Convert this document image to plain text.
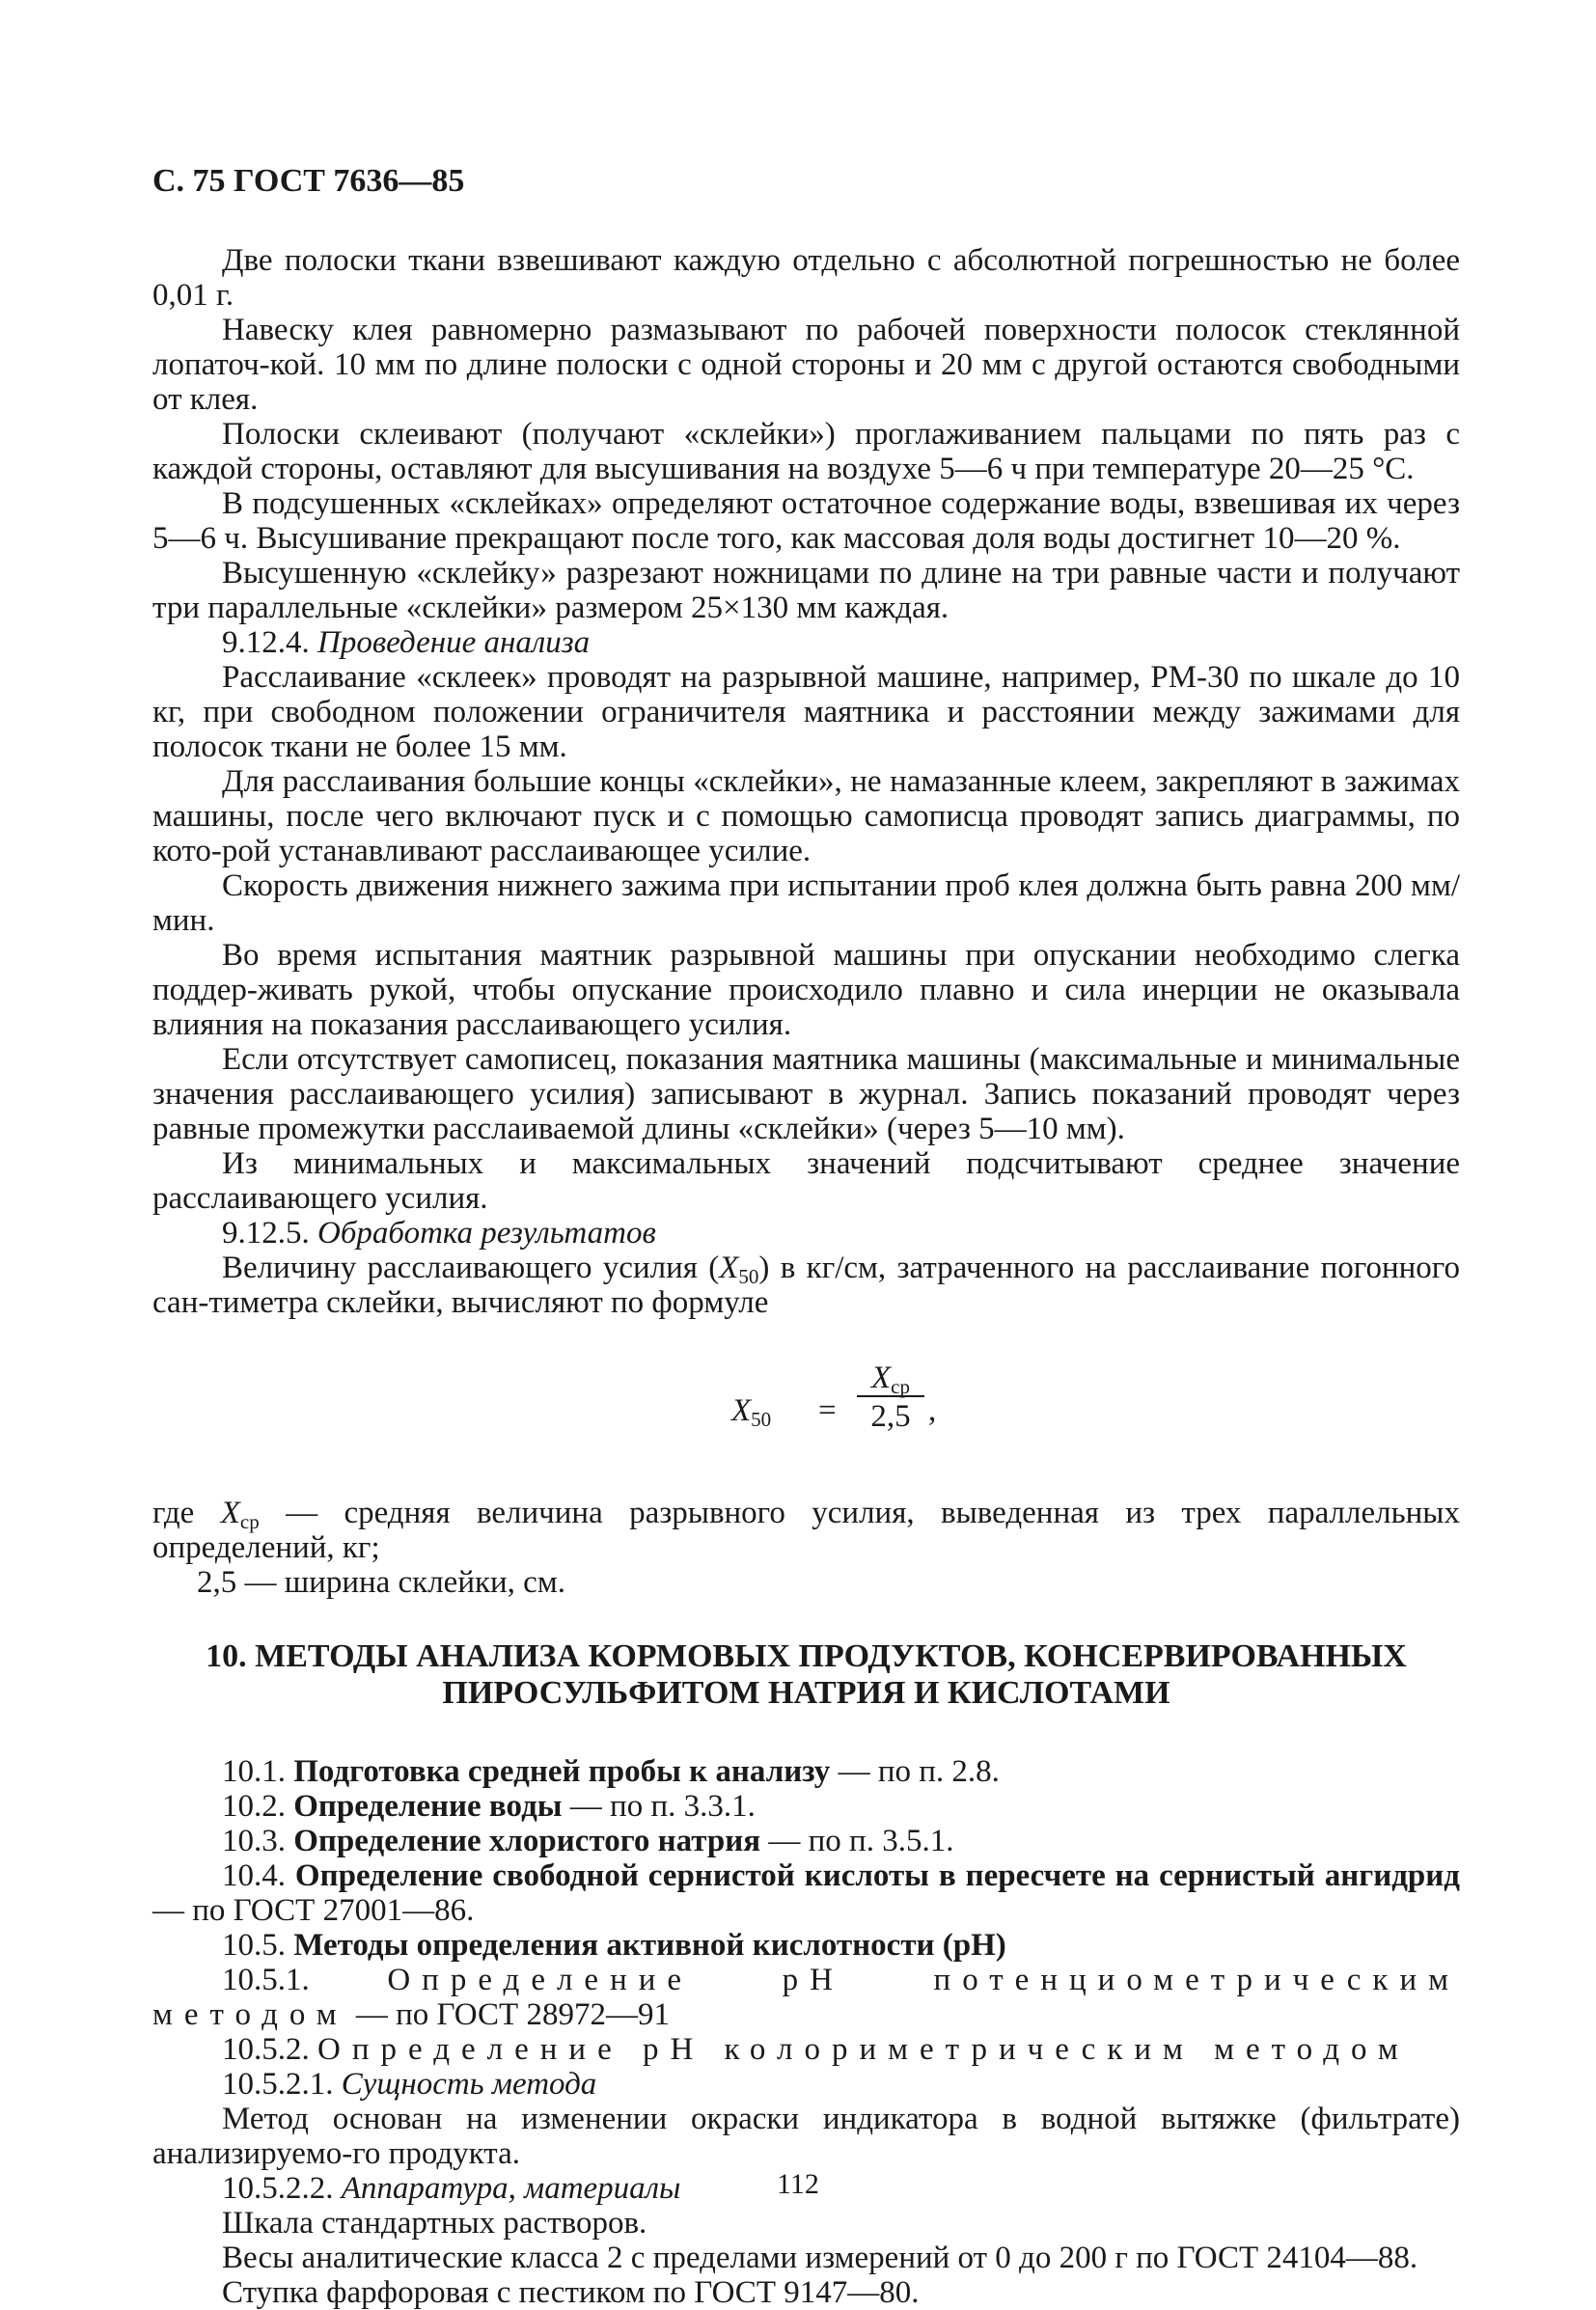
С. 75 ГОСТ 7636—85

Две полоски ткани взвешивают каждую отдельно с абсолютной погрешностью не более 0,01 г.

Навеску клея равномерно размазывают по рабочей поверхности полосок стеклянной лопаточ-кой. 10 мм по длине полоски с одной стороны и 20 мм с другой остаются свободными от клея.

Полоски склеивают (получают «склейки») проглаживанием пальцами по пять раз с каждой стороны, оставляют для высушивания на воздухе 5—6 ч при температуре 20—25 °С.

В подсушенных «склейках» определяют остаточное содержание воды, взвешивая их через 5—6 ч. Высушивание прекращают после того, как массовая доля воды достигнет 10—20 %.

Высушенную «склейку» разрезают ножницами по длине на три равные части и получают три параллельные «склейки» размером 25×130 мм каждая.

9.12.4. Проведение анализа

Расслаивание «склеек» проводят на разрывной машине, например, РМ-30 по шкале до 10 кг, при свободном положении ограничителя маятника и расстоянии между зажимами для полосок ткани не более 15 мм.

Для расслаивания большие концы «склейки», не намазанные клеем, закрепляют в зажимах машины, после чего включают пуск и с помощью самописца проводят запись диаграммы, по кото-рой устанавливают расслаивающее усилие.

Скорость движения нижнего зажима при испытании проб клея должна быть равна 200 мм/мин.

Во время испытания маятник разрывной машины при опускании необходимо слегка поддер-живать рукой, чтобы опускание происходило плавно и сила инерции не оказывала влияния на показания расслаивающего усилия.

Если отсутствует самописец, показания маятника машины (максимальные и минимальные значения расслаивающего усилия) записывают в журнал. Запись показаний проводят через равные промежутки расслаиваемой длины «склейки» (через 5—10 мм).

Из минимальных и максимальных значений подсчитывают среднее значение расслаивающего усилия.

9.12.5. Обработка результатов

Величину расслаивающего усилия $(X_{50})$ в кг/см, затраченного на расслаивание погонного сан-тиметра склейки, вычисляют по формуле

$X_{50}$ =
$X_{ср}$
2,5 ,

где $X_{ср}$ — средняя величина разрывного усилия, выведенная из трех параллельных определений, кг;

2,5 — ширина склейки, см.

10. МЕТОДЫ АНАЛИЗА КОРМОВЫХ ПРОДУКТОВ, КОНСЕРВИРОВАННЫХ
ПИРОСУЛЬФИТОМ НАТРИЯ И КИСЛОТАМИ

10.1. Подготовка средней пробы к анализу — по п. 2.8.

10.2. Определение воды — по п. 3.3.1.

10.3. Определение хлористого натрия — по п. 3.5.1.

10.4. Определение свободной сернистой кислоты в пересчете на сернистый ангидрид — по ГОСТ 27001—86.

10.5. Методы определения активной кислотности (рН)

10.5.1. Определение рН потенциометрическим методом — по ГОСТ 28972—91

10.5.2. Определение рН колориметрическим методом

10.5.2.1. Сущность метода

Метод основан на изменении окраски индикатора в водной вытяжке (фильтрате) анализируемо-го продукта.

10.5.2.2. Аппаратура, материалы

Шкала стандартных растворов.

Весы аналитические класса 2 с пределами измерений от 0 до 200 г по ГОСТ 24104—88.

Ступка фарфоровая с пестиком по ГОСТ 9147—80.

112
